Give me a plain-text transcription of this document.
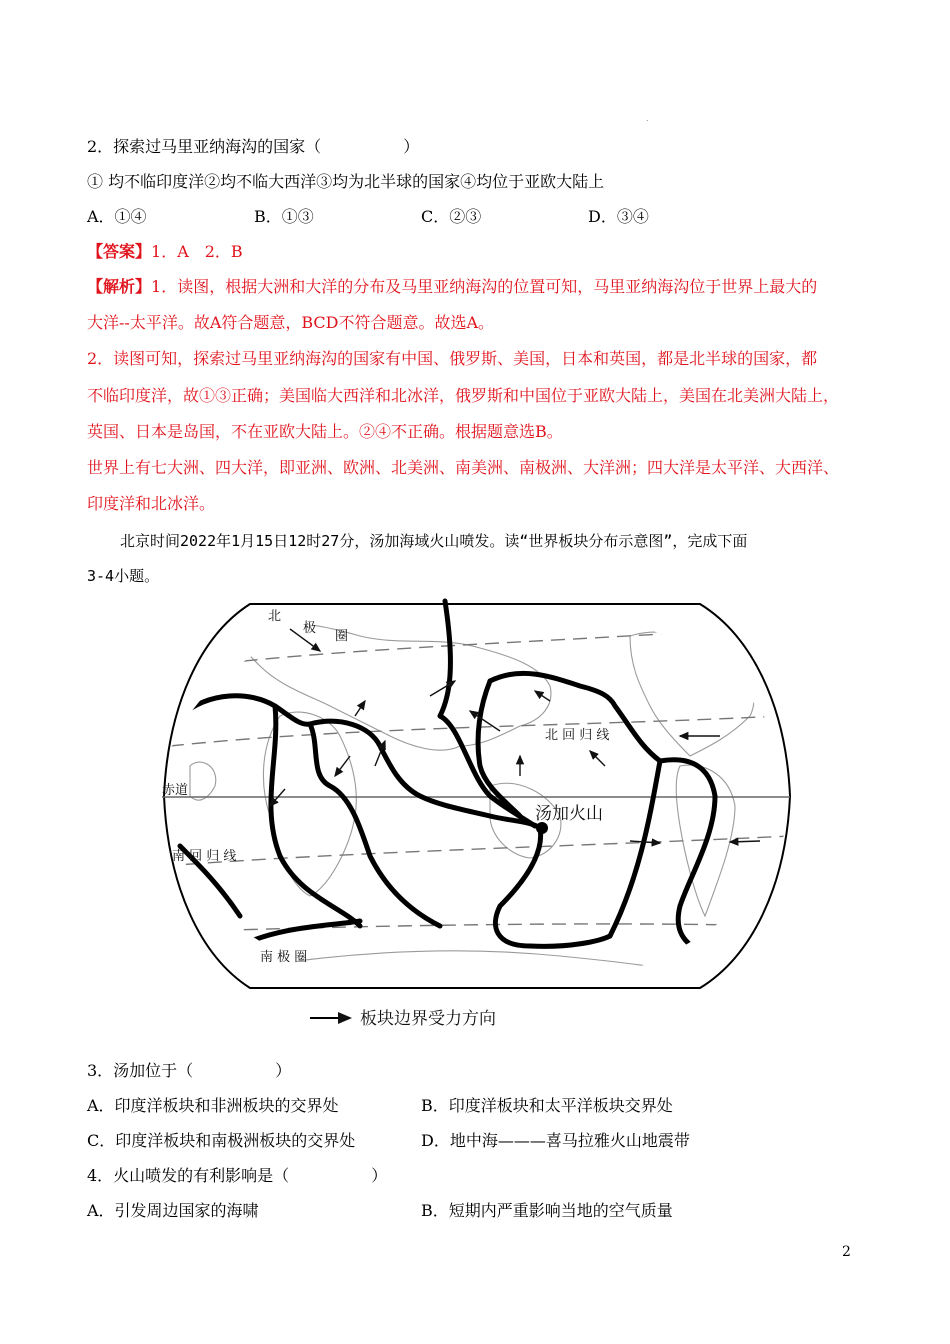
.
2．探索过马里亚纳海沟的国家（	）
① 均不临印度洋②均不临大西洋③均为北半球的国家④均位于亚欧大陆上
A．①④	B．①③	C．②③	D．③④
【答案】1．A　2．B
【解析】1．读图，根据大洲和大洋的分布及马里亚纳海沟的位置可知，马里亚纳海沟位于世界上最大的
大洋--太平洋。故A符合题意，BCD不符合题意。故选A。
2．读图可知，探索过马里亚纳海沟的国家有中国、俄罗斯、美国，日本和英国，都是北半球的国家，都
不临印度洋，故①③正确；美国临大西洋和北冰洋，俄罗斯和中国位于亚欧大陆上，美国在北美洲大陆上，
英国、日本是岛国，不在亚欧大陆上。②④不正确。根据题意选B。
世界上有七大洲、四大洋，即亚洲、欧洲、北美洲、南美洲、南极洲、大洋洲；四大洋是太平洋、大西洋、
印度洋和北冰洋。
北京时间2022年1月15日12时27分，汤加海域火山喷发。读“世界板块分布示意图”，完成下面
3-4小题。
北
极
圈
北 回 归 线
赤道
南 回 归 线
南 极 圈
汤加火山
板块边界受力方向
3．汤加位于（	）
A．印度洋板块和非洲板块的交界处	B．印度洋板块和太平洋板块交界处
C．印度洋板块和南极洲板块的交界处	D．地中海———喜马拉雅火山地震带
4．火山喷发的有利影响是（	）
A．引发周边国家的海啸	B．短期内严重影响当地的空气质量
2
